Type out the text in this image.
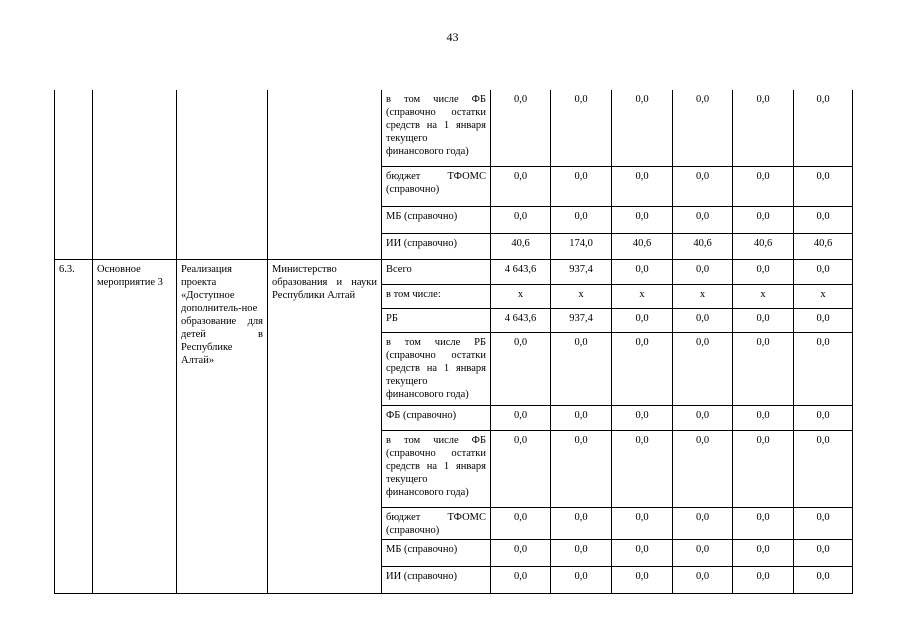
43
				в том числе ФБ (справочно остатки средств на 1 января текущего финансового года)	0,0	0,0	0,0	0,0	0,0	0,0
				бюджет ТФОМС (справочно)	0,0	0,0	0,0	0,0	0,0	0,0
				МБ (справочно)	0,0	0,0	0,0	0,0	0,0	0,0
				ИИ (справочно)	40,6	174,0	40,6	40,6	40,6	40,6
6.3.	Основное мероприятие 3	Реализация проекта «Доступное дополнитель-ное образование для детей в Республике Алтай»	Министерство образования и науки Республики Алтай	Всего	4 643,6	937,4	0,0	0,0	0,0	0,0
				в том числе:	х	х	х	х	х	х
				РБ	4 643,6	937,4	0,0	0,0	0,0	0,0
				в том числе РБ (справочно остатки средств на 1 января текущего финансового года)	0,0	0,0	0,0	0,0	0,0	0,0
				ФБ (справочно)	0,0	0,0	0,0	0,0	0,0	0,0
				в том числе ФБ (справочно остатки средств на 1 января текущего финансового года)	0,0	0,0	0,0	0,0	0,0	0,0
				бюджет ТФОМС (справочно)	0,0	0,0	0,0	0,0	0,0	0,0
				МБ (справочно)	0,0	0,0	0,0	0,0	0,0	0,0
				ИИ (справочно)	0,0	0,0	0,0	0,0	0,0	0,0
